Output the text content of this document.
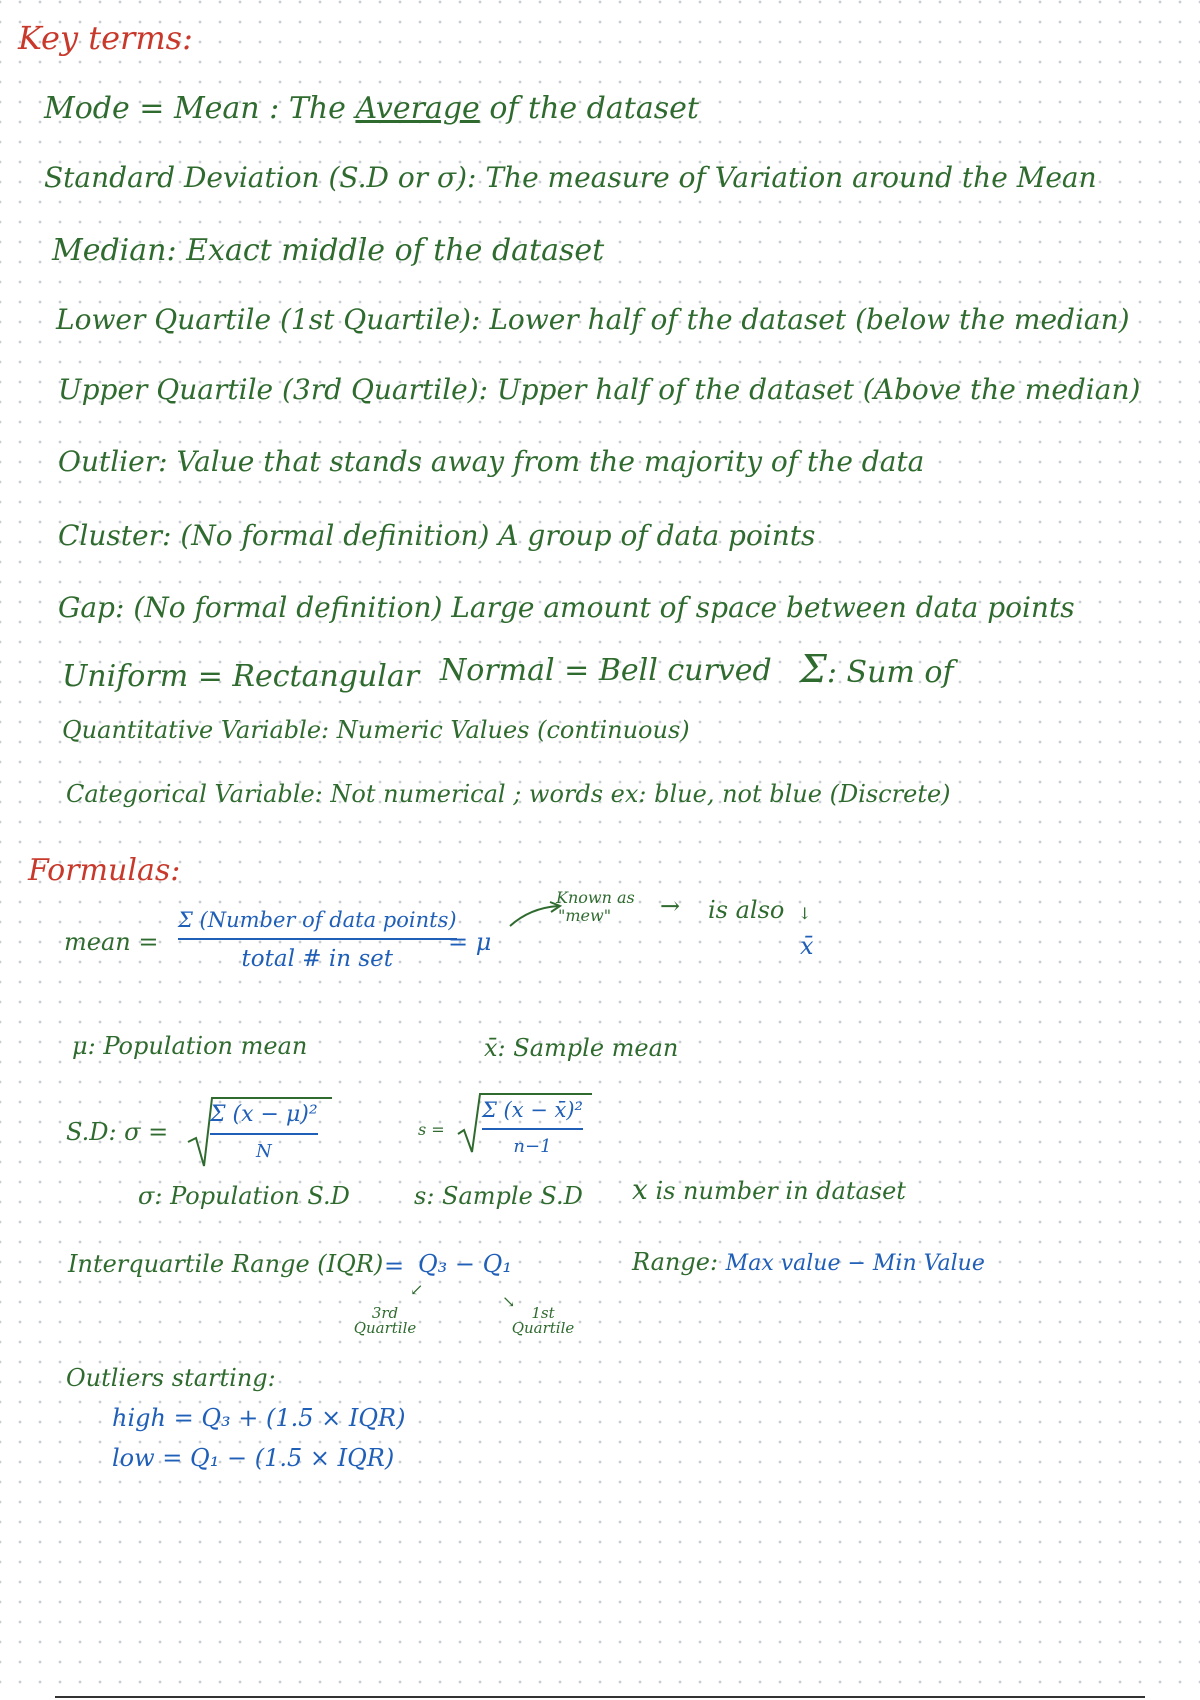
Key terms:
Mode = Mean : The Average of the dataset
Standard Deviation (S.D or σ): The measure of Variation around the Mean
Median: Exact middle of the dataset
Lower Quartile (1st Quartile): Lower half of the dataset (below the median)
Upper Quartile (3rd Quartile): Upper half of the dataset (Above the median)
Outlier: Value that stands away from the majority of the data
Cluster: (No formal definition) A group of data points
Gap: (No formal definition) Large amount of space between data points
Uniform = Rectangular Normal = Bell curved Σ: Sum of
Quantitative Variable: Numeric Values (continuous)
Categorical Variable: Not numerical ; words ex: blue, not blue (Discrete)
Formulas:
mean =
Σ (Number of data points)
total # in set
= μ
Known as
"mew" → is also ↓
x̄
μ: Population mean	x̄: Sample mean
S.D: σ =
Σ (x − μ)²
N
s =
Σ (x − x̄)²
n−1
σ: Population S.D	s: Sample S.D x is number in dataset
Interquartile Range (IQR) = Q₃ − Q₁
↙
3rd Quartile
↘
1st Quartile
Range: Max value − Min Value
Outliers starting:
high = Q₃ + (1.5 × IQR)
low = Q₁ − (1.5 × IQR)
